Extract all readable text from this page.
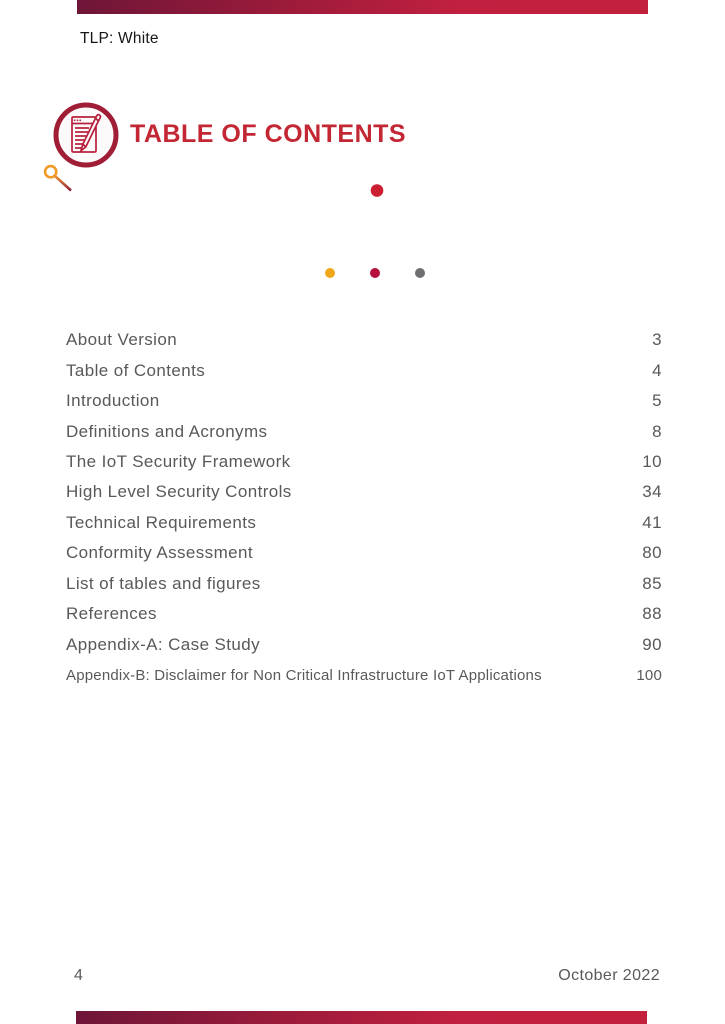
TLP: White
TABLE OF CONTENTS
About Version	3
Table of Contents	4
Introduction	5
Definitions and Acronyms	8
The IoT Security Framework	10
High Level Security Controls	34
Technical Requirements	41
Conformity Assessment	80
List of tables and figures	85
References	88
Appendix-A: Case Study	90
Appendix-B: Disclaimer for Non Critical Infrastructure IoT Applications	100
4	October 2022
